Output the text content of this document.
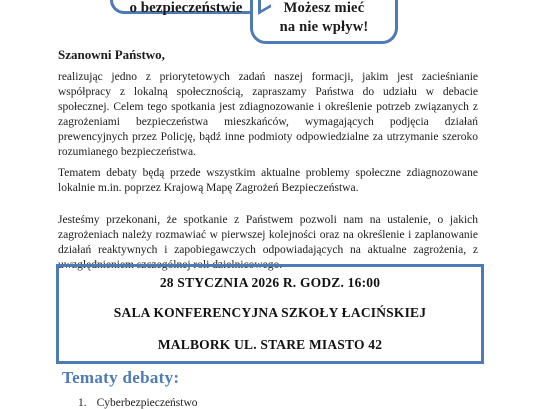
o bezpieczeństwie	Możesz mieć
na nie wpływ!

Szanowni Państwo,

realizując jedno z priorytetowych zadań naszej formacji, jakim jest zacieśnianie współpracy z lokalną społecznością, zapraszamy Państwa do udziału w debacie społecznej. Celem tego spotkania jest zdiagnozowanie i określenie potrzeb związanych z zagrożeniami bezpieczeństwa mieszkańców, wymagających podjęcia działań prewencyjnych przez Policję, bądź inne podmioty odpowiedzialne za utrzymanie szeroko rozumianego bezpieczeństwa.

Tematem debaty będą przede wszystkim aktualne problemy społeczne zdiagnozowane lokalnie m.in. poprzez Krajową Mapę Zagrożeń Bezpieczeństwa.

Jesteśmy przekonani, że spotkanie z Państwem pozwoli nam na ustalenie, o jakich zagrożeniach należy rozmawiać w pierwszej kolejności oraz na określenie i zaplanowanie działań reaktywnych i zapobiegawczych odpowiadających na aktualne zagrożenia, z uwzględnieniem szczególnej roli dzielnicowego.

28 STYCZNIA 2026 R. GODZ. 16:00

SALA KONFERENCYJNA SZKOŁY ŁACIŃSKIEJ

MALBORK UL. STARE MIASTO 42

Tematy debaty:
1. Cyberbezpieczeństwo
